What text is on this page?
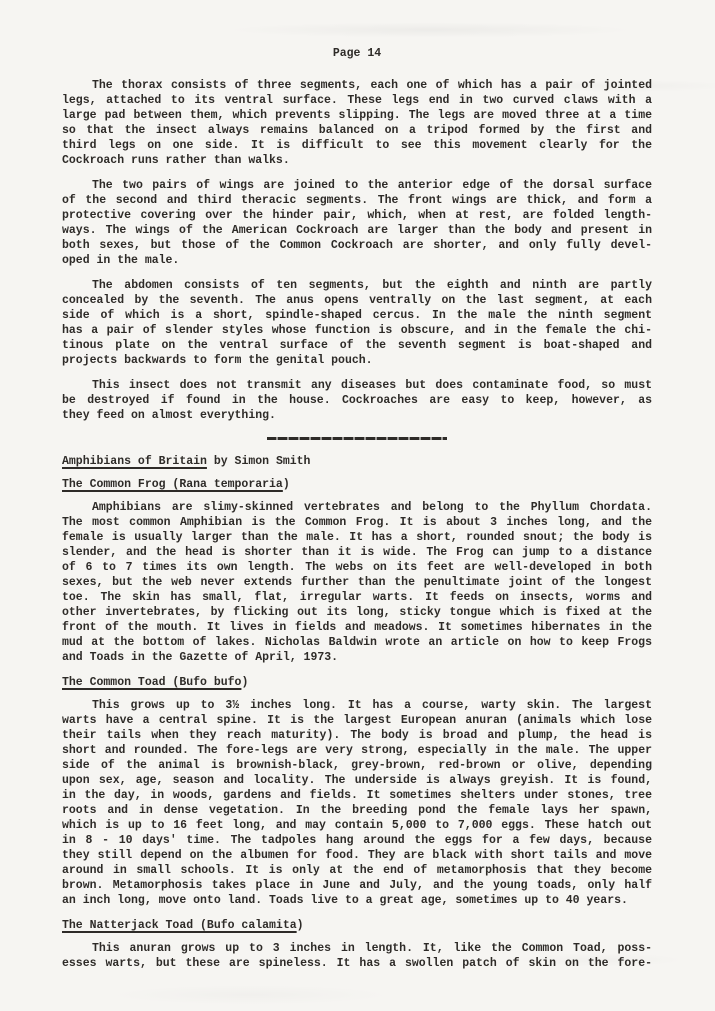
Page 14
The thorax consists of three segments, each one of which has a pair of jointed
legs, attached to its ventral surface. These legs end in two curved claws with a
large pad between them, which prevents slipping. The legs are moved three at a time
so that the insect always remains balanced on a tripod formed by the first and
third legs on one side. It is difficult to see this movement clearly for the
Cockroach runs rather than walks.
The two pairs of wings are joined to the anterior edge of the dorsal surface
of the second and third theracic segments. The front wings are thick, and form a
protective covering over the hinder pair, which, when at rest, are folded length-
ways. The wings of the American Cockroach are larger than the body and present in
both sexes, but those of the Common Cockroach are shorter, and only fully devel-
oped in the male.
The abdomen consists of ten segments, but the eighth and ninth are partly
concealed by the seventh. The anus opens ventrally on the last segment, at each
side of which is a short, spindle-shaped cercus. In the male the ninth segment
has a pair of slender styles whose function is obscure, and in the female the chi-
tinous plate on the ventral surface of the seventh segment is boat-shaped and
projects backwards to form the genital pouch.
This insect does not transmit any diseases but does contaminate food, so must
be destroyed if found in the house. Cockroaches are easy to keep, however, as
they feed on almost everything.
Amphibians of Britain by Simon Smith
The Common Frog (Rana temporaria)
Amphibians are slimy-skinned vertebrates and belong to the Phyllum Chordata.
The most common Amphibian is the Common Frog. It is about 3 inches long, and the
female is usually larger than the male. It has a short, rounded snout; the body is
slender, and the head is shorter than it is wide. The Frog can jump to a distance
of 6 to 7 times its own length. The webs on its feet are well-developed in both
sexes, but the web never extends further than the penultimate joint of the longest
toe. The skin has small, flat, irregular warts. It feeds on insects, worms and
other invertebrates, by flicking out its long, sticky tongue which is fixed at the
front of the mouth. It lives in fields and meadows. It sometimes hibernates in the
mud at the bottom of lakes. Nicholas Baldwin wrote an article on how to keep Frogs
and Toads in the Gazette of April, 1973.
The Common Toad (Bufo bufo)
This grows up to 3½ inches long. It has a course, warty skin. The largest
warts have a central spine. It is the largest European anuran (animals which lose
their tails when they reach maturity). The body is broad and plump, the head is
short and rounded. The fore-legs are very strong, especially in the male. The upper
side of the animal is brownish-black, grey-brown, red-brown or olive, depending
upon sex, age, season and locality. The underside is always greyish. It is found,
in the day, in woods, gardens and fields. It sometimes shelters under stones, tree
roots and in dense vegetation. In the breeding pond the female lays her spawn,
which is up to 16 feet long, and may contain 5,000 to 7,000 eggs. These hatch out
in 8 - 10 days' time. The tadpoles hang around the eggs for a few days, because
they still depend on the albumen for food. They are black with short tails and move
around in small schools. It is only at the end of metamorphosis that they become
brown. Metamorphosis takes place in June and July, and the young toads, only half
an inch long, move onto land. Toads live to a great age, sometimes up to 40 years.
The Natterjack Toad (Bufo calamita)
This anuran grows up to 3 inches in length. It, like the Common Toad, poss-
esses warts, but these are spineless. It has a swollen patch of skin on the fore-
